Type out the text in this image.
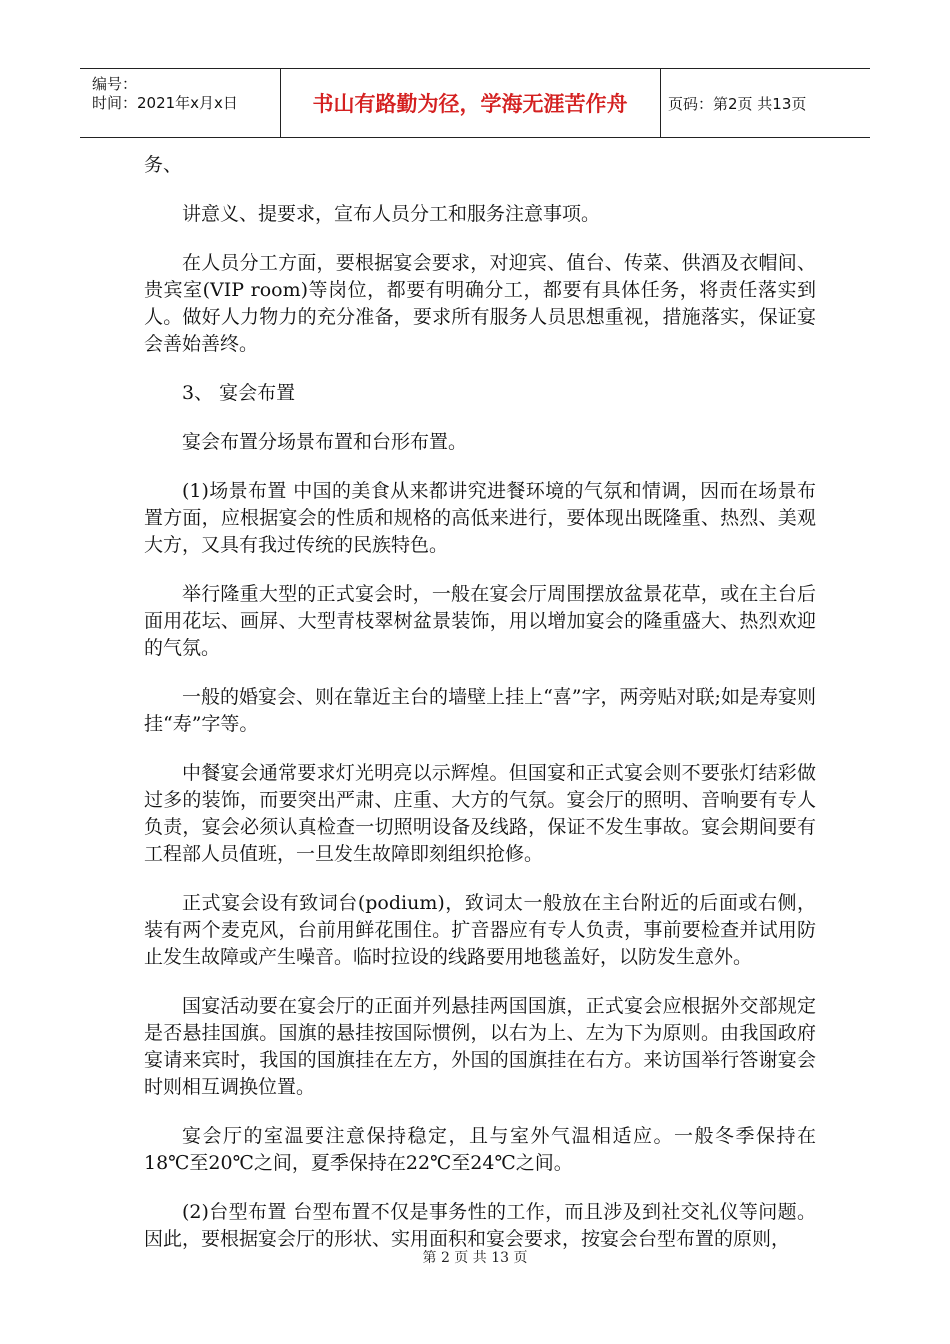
编号：
时间：2021年x月x日	书山有路勤为径，学海无涯苦作舟	页码：第2页 共13页

务、

讲意义、提要求，宣布人员分工和服务注意事项。

在人员分工方面，要根据宴会要求，对迎宾、值台、传菜、供酒及衣帽间、贵宾室(VIP room)等岗位，都要有明确分工，都要有具体任务，将责任落实到人。做好人力物力的充分准备，要求所有服务人员思想重视，措施落实，保证宴会善始善终。

3、 宴会布置

宴会布置分场景布置和台形布置。

(1)场景布置 中国的美食从来都讲究进餐环境的气氛和情调，因而在场景布置方面，应根据宴会的性质和规格的高低来进行，要体现出既隆重、热烈、美观大方，又具有我过传统的民族特色。

举行隆重大型的正式宴会时，一般在宴会厅周围摆放盆景花草，或在主台后面用花坛、画屏、大型青枝翠树盆景装饰，用以增加宴会的隆重盛大、热烈欢迎的气氛。

一般的婚宴会、则在靠近主台的墙壁上挂上“喜”字，两旁贴对联;如是寿宴则挂“寿”字等。

中餐宴会通常要求灯光明亮以示辉煌。但国宴和正式宴会则不要张灯结彩做过多的装饰，而要突出严肃、庄重、大方的气氛。宴会厅的照明、音响要有专人负责，宴会必须认真检查一切照明设备及线路，保证不发生事故。宴会期间要有工程部人员值班，一旦发生故障即刻组织抢修。

正式宴会设有致词台(podium)，致词太一般放在主台附近的后面或右侧，装有两个麦克风，台前用鲜花围住。扩音器应有专人负责，事前要检查并试用防止发生故障或产生噪音。临时拉设的线路要用地毯盖好，以防发生意外。

国宴活动要在宴会厅的正面并列悬挂两国国旗，正式宴会应根据外交部规定是否悬挂国旗。国旗的悬挂按国际惯例，以右为上、左为下为原则。由我国政府宴请来宾时，我国的国旗挂在左方，外国的国旗挂在右方。来访国举行答谢宴会时则相互调换位置。

宴会厅的室温要注意保持稳定，且与室外气温相适应。一般冬季保持在18℃至20℃之间，夏季保持在22℃至24℃之间。

(2)台型布置 台型布置不仅是事务性的工作，而且涉及到社交礼仪等问题。因此，要根据宴会厅的形状、实用面积和宴会要求，按宴会台型布置的原则，

第 2 页 共 13 页
